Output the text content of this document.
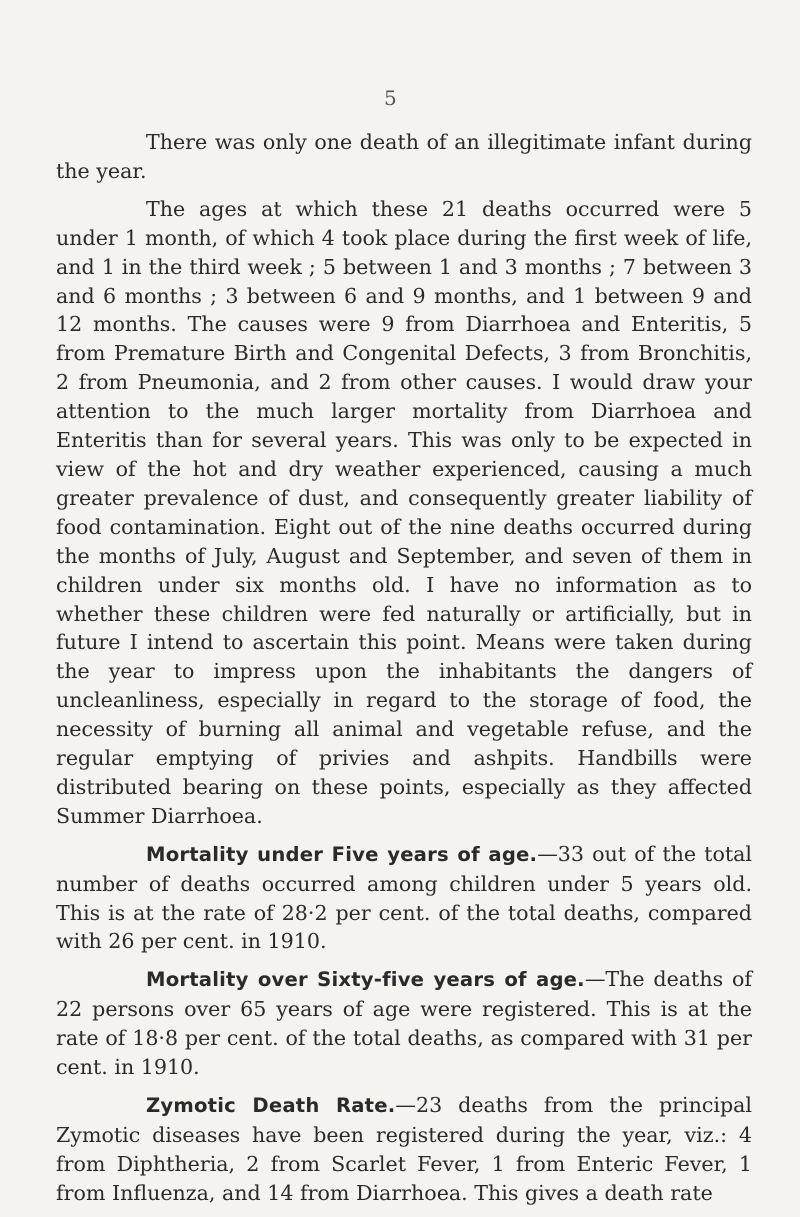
5

There was only one death of an illegitimate infant during the year.

The ages at which these 21 deaths occurred were 5 under 1 month, of which 4 took place during the first week of life, and 1 in the third week ; 5 between 1 and 3 months ; 7 between 3 and 6 months ; 3 between 6 and 9 months, and 1 between 9 and 12 months. The causes were 9 from Diarrhoea and Enteritis, 5 from Premature Birth and Congenital Defects, 3 from Bronchitis, 2 from Pneumonia, and 2 from other causes. I would draw your attention to the much larger mortality from Diarrhoea and Enteritis than for several years. This was only to be expected in view of the hot and dry weather experienced, causing a much greater prevalence of dust, and consequently greater liability of food contamination. Eight out of the nine deaths occurred during the months of July, August and September, and seven of them in children under six months old. I have no information as to whether these children were fed naturally or artificially, but in future I intend to ascertain this point. Means were taken during the year to impress upon the inhabitants the dangers of uncleanliness, especially in regard to the storage of food, the necessity of burning all animal and vegetable refuse, and the regular emptying of privies and ashpits. Handbills were distributed bearing on these points, especially as they affected Summer Diarrhoea.

Mortality under Five years of age.—33 out of the total number of deaths occurred among children under 5 years old. This is at the rate of 28·2 per cent. of the total deaths, compared with 26 per cent. in 1910.

Mortality over Sixty-five years of age.—The deaths of 22 persons over 65 years of age were registered. This is at the rate of 18·8 per cent. of the total deaths, as compared with 31 per cent. in 1910.

Zymotic Death Rate.—23 deaths from the principal Zymotic diseases have been registered during the year, viz.: 4 from Diphtheria, 2 from Scarlet Fever, 1 from Enteric Fever, 1 from Influenza, and 14 from Diarrhoea. This gives a death rate
